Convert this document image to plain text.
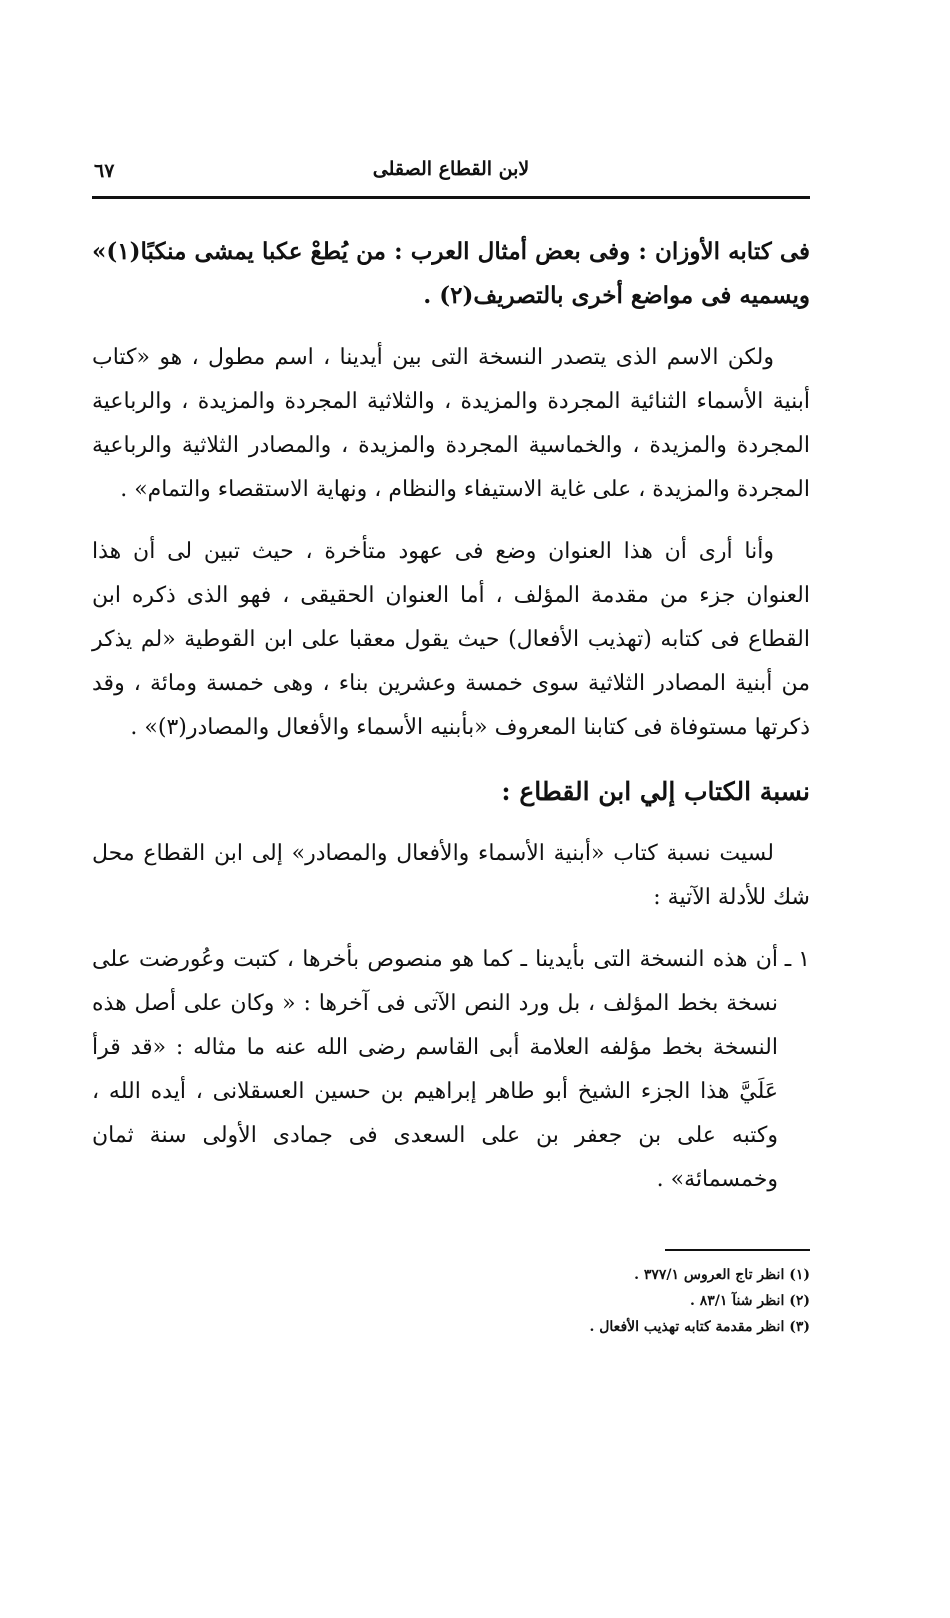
لابن القطاع الصقلى
٦٧

فى كتابه الأوزان : وفى بعض أمثال العرب : من يُطعْ عكبا يمشى منكبًا(١)» ويسميه فى مواضع أخرى بالتصريف(٢) .

ولكن الاسم الذى يتصدر النسخة التى بين أيدينا ، اسم مطول ، هو «كتاب أبنية الأسماء الثنائية المجردة والمزيدة ، والثلاثية المجردة والمزيدة ، والرباعية المجردة والمزيدة ، والخماسية المجردة والمزيدة ، والمصادر الثلاثية والرباعية المجردة والمزيدة ، على غاية الاستيفاء والنظام ، ونهاية الاستقصاء والتمام» .

وأنا أرى أن هذا العنوان وضع فى عهود متأخرة ، حيث تبين لى أن هذا العنوان جزء من مقدمة المؤلف ، أما العنوان الحقيقى ، فهو الذى ذكره ابن القطاع فى كتابه (تهذيب الأفعال) حيث يقول معقبا على ابن القوطية «لم يذكر من أبنية المصادر الثلاثية سوى خمسة وعشرين بناء ، وهى خمسة ومائة ، وقد ذكرتها مستوفاة فى كتابنا المعروف «بأبنيه الأسماء والأفعال والمصادر(٣)» .

نسبة الكتاب إلي ابن القطاع :

لسيت نسبة كتاب «أبنية الأسماء والأفعال والمصادر» إلى ابن القطاع محل شك للأدلة الآتية :

١ ـ
أن هذه النسخة التى بأيدينا ـ كما هو منصوص بأخرها ، كتبت وعُورضت على نسخة بخط المؤلف ، بل ورد النص الآتى فى آخرها : « وكان على أصل هذه النسخة بخط مؤلفه العلامة أبى القاسم رضى الله عنه ما مثاله : «قد قرأ عَلَيَّ هذا الجزء الشيخ أبو طاهر إبراهيم بن حسين العسقلانى ، أيده الله ، وكتبه على بن جعفر بن على السعدى فى جمادى الأولى سنة ثمان وخمسمائة» .

(١) انظر تاج العروس ٣٧٧/١ .

(٢) انظر شنآ ٨٣/١ .

(٣) انظر مقدمة كتابه تهذيب الأفعال .
